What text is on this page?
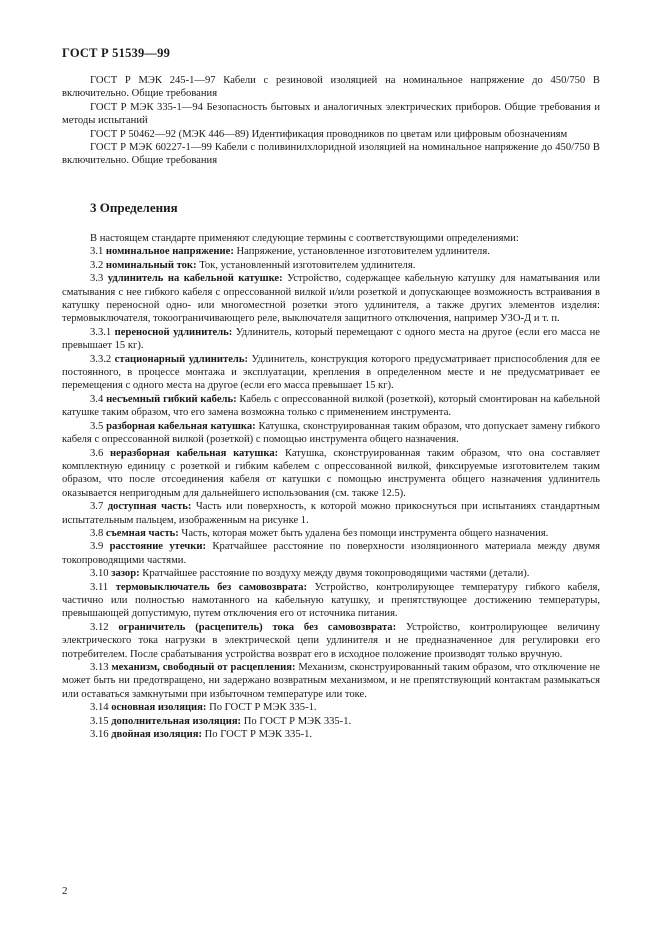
ГОСТ Р 51539—99

ГОСТ Р МЭК 245-1—97 Кабели с резиновой изоляцией на номинальное напряжение до 450/750 В включительно. Общие требования

ГОСТ Р МЭК 335-1—94 Безопасность бытовых и аналогичных электрических приборов. Общие требования и методы испытаний

ГОСТ Р 50462—92 (МЭК 446—89) Идентификация проводников по цветам или цифровым обозначениям

ГОСТ Р МЭК 60227-1—99 Кабели с поливинилхлоридной изоляцией на номинальное напряжение до 450/750 В включительно. Общие требования

3 Определения

В настоящем стандарте применяют следующие термины с соответствующими определениями:

3.1 номинальное напряжение: Напряжение, установленное изготовителем удлинителя.

3.2 номинальный ток: Ток, установленный изготовителем удлинителя.

3.3 удлинитель на кабельной катушке: Устройство, содержащее кабельную катушку для наматывания или сматывания с нее гибкого кабеля с опрессованной вилкой и/или розеткой и допускающее возможность встраивания в катушку переносной одно- или многоместной розетки этого удлинителя, а также других элементов изделия: термовыключателя, токоограничивающего реле, выключателя защитного отключения, например УЗО-Д и т. п.

3.3.1 переносной удлинитель: Удлинитель, который перемещают с одного места на другое (если его масса не превышает 15 кг).

3.3.2 стационарный удлинитель: Удлинитель, конструкция которого предусматривает приспособления для ее постоянного, в процессе монтажа и эксплуатации, крепления в определенном месте и не предусматривает ее перемещения с одного места на другое (если его масса превышает 15 кг).

3.4 несъемный гибкий кабель: Кабель с опрессованной вилкой (розеткой), который смонтирован на кабельной катушке таким образом, что его замена возможна только с применением инструмента.

3.5 разборная кабельная катушка: Катушка, сконструированная таким образом, что допускает замену гибкого кабеля с опрессованной вилкой (розеткой) с помощью инструмента общего назначения.

3.6 неразборная кабельная катушка: Катушка, сконструированная таким образом, что она составляет комплектную единицу с розеткой и гибким кабелем с опрессованной вилкой, фиксируемые изготовителем таким образом, что после отсоединения кабеля от катушки с помощью инструмента общего назначения удлинитель оказывается непригодным для дальнейшего использования (см. также 12.5).

3.7 доступная часть: Часть или поверхность, к которой можно прикоснуться при испытаниях стандартным испытательным пальцем, изображенным на рисунке 1.

3.8 съемная часть: Часть, которая может быть удалена без помощи инструмента общего назначения.

3.9 расстояние утечки: Кратчайшее расстояние по поверхности изоляционного материала между двумя токопроводящими частями.

3.10 зазор: Кратчайшее расстояние по воздуху между двумя токопроводящими частями (детали).

3.11 термовыключатель без самовозврата: Устройство, контролирующее температуру гибкого кабеля, частично или полностью намотанного на кабельную катушку, и препятствующее достижению температуры, превышающей допустимую, путем отключения его от источника питания.

3.12 ограничитель (расцепитель) тока без самовозврата: Устройство, контролирующее величину электрического тока нагрузки в электрической цепи удлинителя и не предназначенное для регулировки его потребителем. После срабатывания устройства возврат его в исходное положение производят только вручную.

3.13 механизм, свободный от расцепления: Механизм, сконструированный таким образом, что отключение не может быть ни предотвращено, ни задержано возвратным механизмом, и не препятствующий контактам размыкаться или оставаться замкнутыми при избыточном температуре или токе.

3.14 основная изоляция: По ГОСТ Р МЭК 335-1.

3.15 дополнительная изоляция: По ГОСТ Р МЭК 335-1.

3.16 двойная изоляция: По ГОСТ Р МЭК 335-1.

2
